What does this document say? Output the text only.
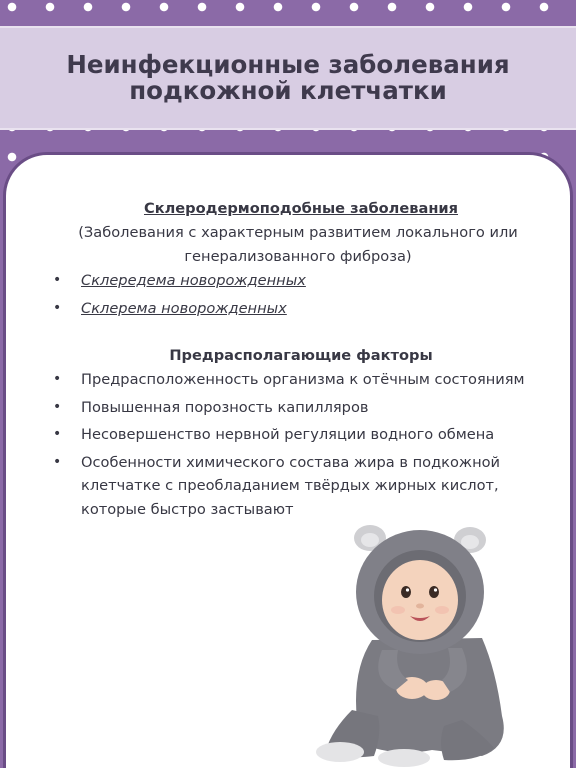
Неинфекционные заболевания
подкожной клетчатки
Склеродермоподобные заболевания
(Заболевания с характерным развитием локального или генерализованного фиброза)
• Склередема новорожденных
• Склерема новорожденных
Предрасполагающие факторы
• Предрасположенность организма к отёчным состояниям
• Повышенная порозность капилляров
• Несовершенство нервной регуляции водного обмена
• Особенности химического состава жира в подкожной клетчатке с преобладанием твёрдых жирных кислот, которые быстро застывают
